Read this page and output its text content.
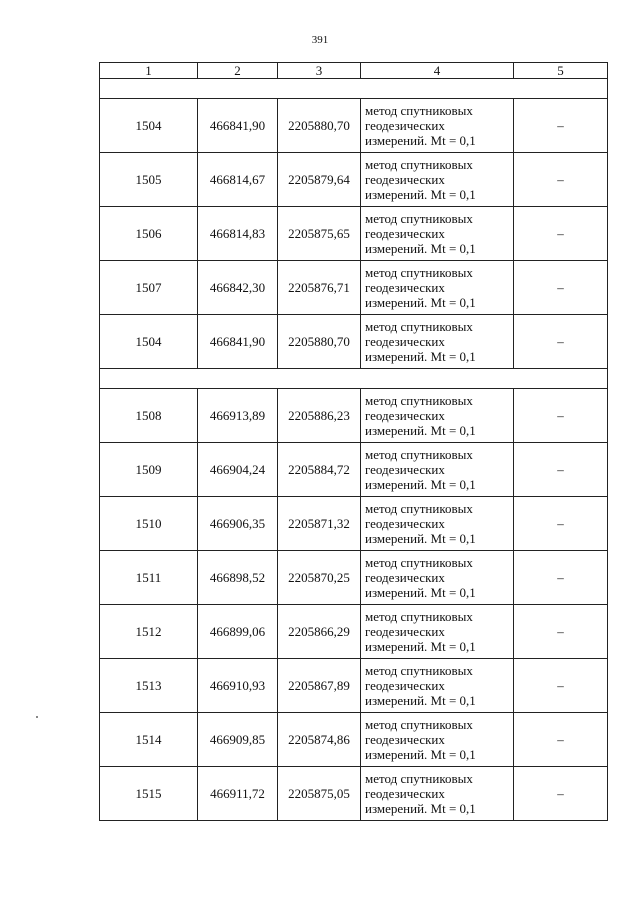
391
1	2	3	4	5

1504	466841,90	2205880,70	метод спутниковых
геодезических
измерений. Mt = 0,1	–
1505	466814,67	2205879,64	метод спутниковых
геодезических
измерений. Mt = 0,1	–
1506	466814,83	2205875,65	метод спутниковых
геодезических
измерений. Mt = 0,1	–
1507	466842,30	2205876,71	метод спутниковых
геодезических
измерений. Mt = 0,1	–
1504	466841,90	2205880,70	метод спутниковых
геодезических
измерений. Mt = 0,1	–

1508	466913,89	2205886,23	метод спутниковых
геодезических
измерений. Mt = 0,1	–
1509	466904,24	2205884,72	метод спутниковых
геодезических
измерений. Mt = 0,1	–
1510	466906,35	2205871,32	метод спутниковых
геодезических
измерений. Mt = 0,1	–
1511	466898,52	2205870,25	метод спутниковых
геодезических
измерений. Mt = 0,1	–
1512	466899,06	2205866,29	метод спутниковых
геодезических
измерений. Mt = 0,1	–
1513	466910,93	2205867,89	метод спутниковых
геодезических
измерений. Mt = 0,1	–
1514	466909,85	2205874,86	метод спутниковых
геодезических
измерений. Mt = 0,1	–
1515	466911,72	2205875,05	метод спутниковых
геодезических
измерений. Mt = 0,1	–
